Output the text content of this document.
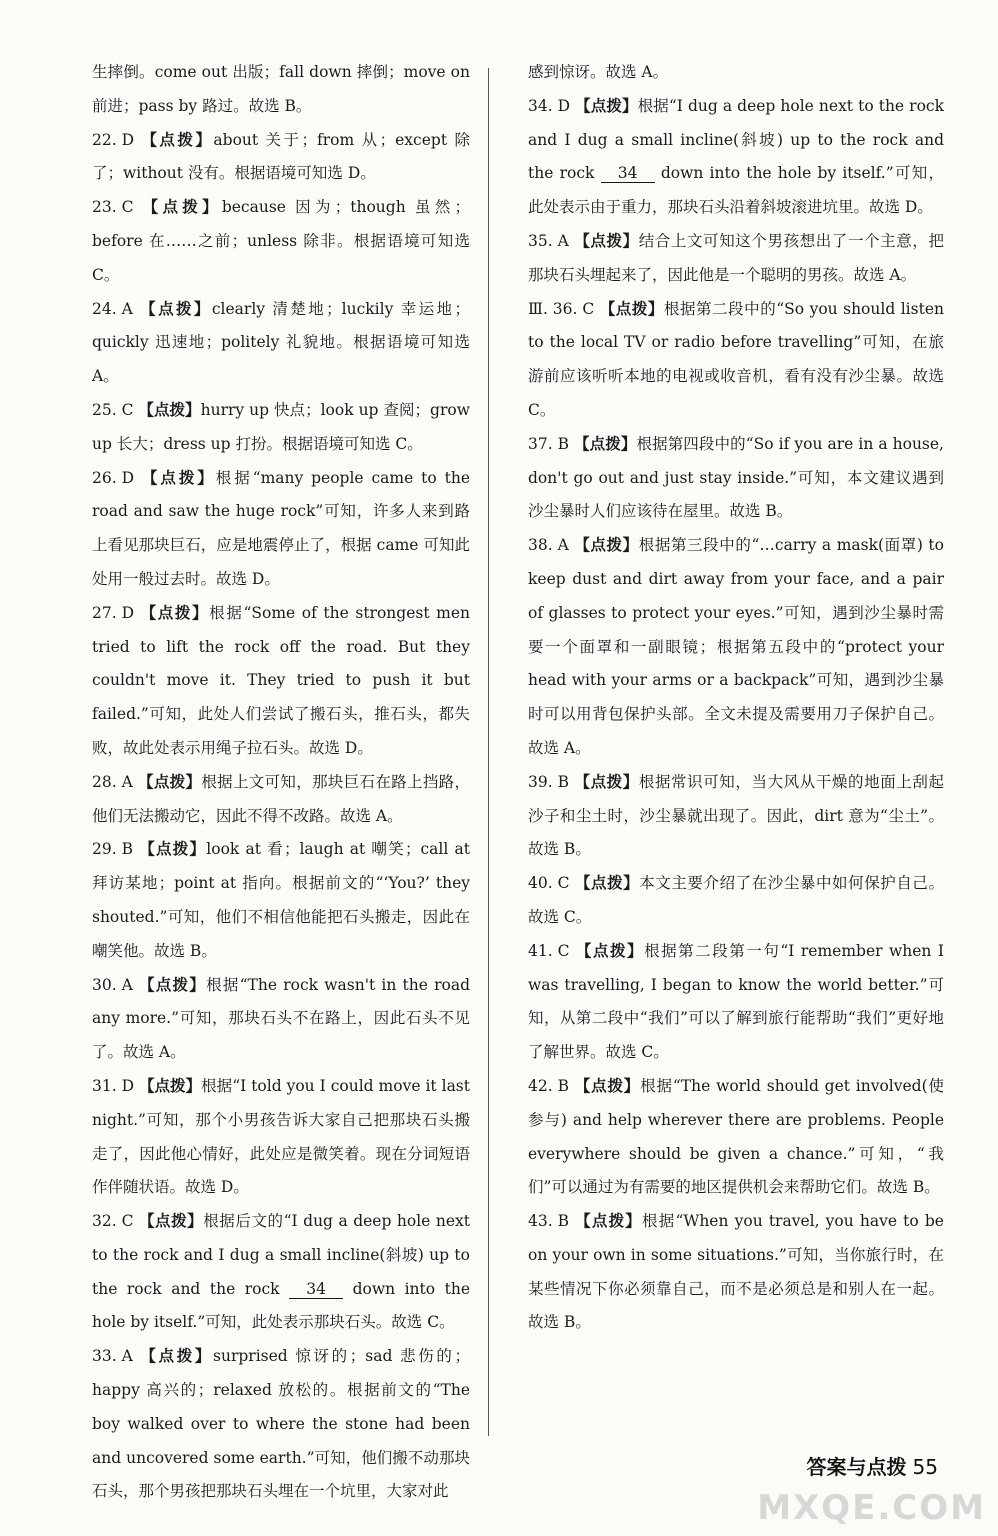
生摔倒。come out 出版；fall down 摔倒；move on 前进；pass by 路过。故选 B。
22. D 【点拨】about 关于；from 从；except 除了；without 没有。根据语境可知选 D。
23. C 【点拨】because 因为；though 虽然；before 在……之前；unless 除非。根据语境可知选 C。
24. A 【点拨】clearly 清楚地；luckily 幸运地；quickly 迅速地；politely 礼貌地。根据语境可知选 A。
25. C 【点拨】hurry up 快点；look up 查阅；grow up 长大；dress up 打扮。根据语境可知选 C。
26. D 【点拨】根据“many people came to the road and saw the huge rock”可知，许多人来到路上看见那块巨石，应是地震停止了，根据 came 可知此处用一般过去时。故选 D。
27. D 【点拨】根据“Some of the strongest men tried to lift the rock off the road. But they couldn't move it. They tried to push it but failed.”可知，此处人们尝试了搬石头，推石头，都失败，故此处表示用绳子拉石头。故选 D。
28. A 【点拨】根据上文可知，那块巨石在路上挡路，他们无法搬动它，因此不得不改路。故选 A。
29. B 【点拨】look at 看；laugh at 嘲笑；call at 拜访某地；point at 指向。根据前文的“‘You?’ they shouted.”可知，他们不相信他能把石头搬走，因此在嘲笑他。故选 B。
30. A 【点拨】根据“The rock wasn't in the road any more.”可知，那块石头不在路上，因此石头不见了。故选 A。
31. D 【点拨】根据“I told you I could move it last night.”可知，那个小男孩告诉大家自己把那块石头搬走了，因此他心情好，此处应是微笑着。现在分词短语作伴随状语。故选 D。
32. C 【点拨】根据后文的“I dug a deep hole next to the rock and I dug a small incline(斜坡) up to the rock and the rock 34 down into the hole by itself.”可知，此处表示那块石头。故选 C。
33. A 【点拨】surprised 惊讶的；sad 悲伤的；happy 高兴的；relaxed 放松的。根据前文的“The boy walked over to where the stone had been and uncovered some earth.”可知，他们搬不动那块石头，那个男孩把那块石头埋在一个坑里，大家对此
感到惊讶。故选 A。
34. D 【点拨】根据“I dug a deep hole next to the rock and I dug a small incline(斜坡) up to the rock and the rock 34 down into the hole by itself.”可知，此处表示由于重力，那块石头沿着斜坡滚进坑里。故选 D。
35. A 【点拨】结合上文可知这个男孩想出了一个主意，把那块石头埋起来了，因此他是一个聪明的男孩。故选 A。
Ⅲ. 36. C 【点拨】根据第二段中的“So you should listen to the local TV or radio before travelling”可知，在旅游前应该听听本地的电视或收音机，看有没有沙尘暴。故选 C。
37. B 【点拨】根据第四段中的“So if you are in a house, don't go out and just stay inside.”可知，本文建议遇到沙尘暴时人们应该待在屋里。故选 B。
38. A 【点拨】根据第三段中的“…carry a mask(面罩) to keep dust and dirt away from your face, and a pair of glasses to protect your eyes.”可知，遇到沙尘暴时需要一个面罩和一副眼镜；根据第五段中的“protect your head with your arms or a backpack”可知，遇到沙尘暴时可以用背包保护头部。全文未提及需要用刀子保护自己。故选 A。
39. B 【点拨】根据常识可知，当大风从干燥的地面上刮起沙子和尘土时，沙尘暴就出现了。因此，dirt 意为“尘土”。故选 B。
40. C 【点拨】本文主要介绍了在沙尘暴中如何保护自己。故选 C。
41. C 【点拨】根据第二段第一句“I remember when I was travelling, I began to know the world better.”可知，从第二段中“我们”可以了解到旅行能帮助“我们”更好地了解世界。故选 C。
42. B 【点拨】根据“The world should get involved(使参与) and help wherever there are problems. People everywhere should be given a chance.”可知，“我们”可以通过为有需要的地区提供机会来帮助它们。故选 B。
43. B 【点拨】根据“When you travel, you have to be on your own in some situations.”可知，当你旅行时，在某些情况下你必须靠自己，而不是必须总是和别人在一起。故选 B。
答案与点拨 55
MXQE.COM
